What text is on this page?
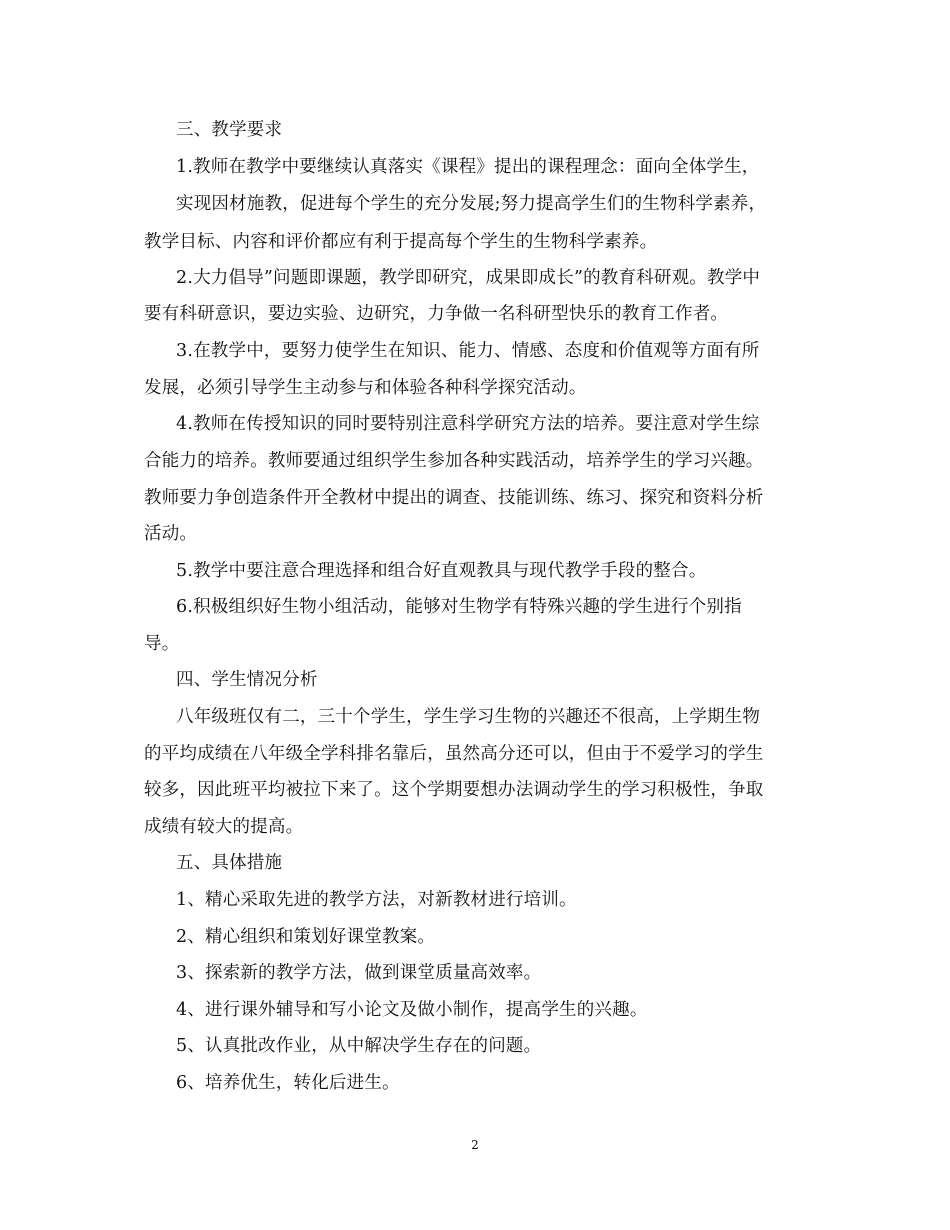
三、教学要求
1.教师在教学中要继续认真落实《课程》提出的课程理念：面向全体学生，
实现因材施教，促进每个学生的充分发展;努力提高学生们的生物科学素养，
教学目标、内容和评价都应有利于提高每个学生的生物科学素养。
2.大力倡导”问题即课题，教学即研究，成果即成长”的教育科研观。教学中
要有科研意识，要边实验、边研究，力争做一名科研型快乐的教育工作者。
3.在教学中，要努力使学生在知识、能力、情感、态度和价值观等方面有所
发展，必须引导学生主动参与和体验各种科学探究活动。
4.教师在传授知识的同时要特别注意科学研究方法的培养。要注意对学生综
合能力的培养。教师要通过组织学生参加各种实践活动，培养学生的学习兴趣。
教师要力争创造条件开全教材中提出的调查、技能训练、练习、探究和资料分析
活动。
5.教学中要注意合理选择和组合好直观教具与现代教学手段的整合。
6.积极组织好生物小组活动，能够对生物学有特殊兴趣的学生进行个别指
导。
四、学生情况分析
八年级班仅有二，三十个学生，学生学习生物的兴趣还不很高，上学期生物
的平均成绩在八年级全学科排名靠后，虽然高分还可以，但由于不爱学习的学生
较多，因此班平均被拉下来了。这个学期要想办法调动学生的学习积极性，争取
成绩有较大的提高。
五、具体措施
1、精心采取先进的教学方法，对新教材进行培训。
2、精心组织和策划好课堂教案。
3、探索新的教学方法，做到课堂质量高效率。
4、进行课外辅导和写小论文及做小制作，提高学生的兴趣。
5、认真批改作业，从中解决学生存在的问题。
6、培养优生，转化后进生。
2
